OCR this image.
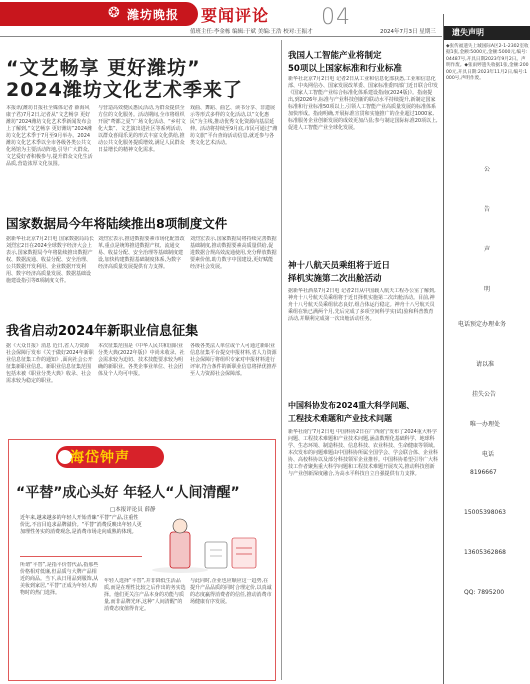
❂ 潍坊晚报 要闻评论 04
值班主任:李金栋 编辑:于斌 美编:王浩 校对:王振才	2024年7月3日 星期三
“文艺畅享 更好潍坊”
2024潍坊文化艺术季来了
本报讯(潍坊日报社全媒体记者 薛海风 康子君)7月2日,记者从“文艺畅享 更好潍坊”2024潍坊文化艺术季新闻发布会上了解到,“文艺畅享 更好潍坊”2024潍坊文化艺术季于7月至9月举办。2024潍坊文化艺术季以全市各级各类公共文化场馆为主要活动阵地,引导广大群众、文艺爱好者积极参与,提升群众文化生活品质,营造浓厚文化氛围。
与营造高效便民惠民活动,为群众提供全方位的文化服务。活动期间,全市将组织开展“鸢都之夏”广场文化活动、“乡村文化大集”、文艺演出进社区等系列活动,以群众喜闻乐见的形式丰富文化供给,推动公共文化服务提质增效,满足人民群众日益增长的精神文化需求。
戏曲、舞蹈、曲艺、读书分享、非遗展示等形式多样的文化活动,以“文化惠民”为主线,推动优秀文化资源向基层延伸。活动将持续至9月底,市民可通过“潍坊文旅”平台查询活动信息,就近参与各类文化艺术活动。
国家数据局今年将陆续推出8项制度文件
据新华社北京7月2日电 国家数据局局长刘烈宏2日在2024全球数字经济大会上表示,国家数据局今年将陆续推出数据产权、数据流通、收益分配、安全治理、公共数据开发利用、企业数据开发利用、数字经济高质量发展、数据基础设施建设指引等8项制度文件。
刘烈宏表示,推进数据要素市场化配置改革,重点是统筹推进数据产权、流通交易、收益分配、安全治理等基础制度建设,加快构建数据基础制度体系,为数字经济高质量发展提供有力支撑。
刘烈宏表示,国家数据局将持续完善数据基础制度,推动数据要素高质量供给,促进数据合规高效流通使用,充分释放数据要素价值,助力数字中国建设,更好赋能经济社会发展。
我省启动2024年新职业信息征集
据《大众日报》消息 近日,省人力资源社会保障厅发布《关于做好2024年新职业信息征集工作的通知》,面向社会公开征集新职业信息。新职业信息征集范围包括未被《职业分类大典》收录、社会需求较为稳定的职业。
本次征集范围是《中华人民共和国职业分类大典(2022年版)》中尚未收录、社会需求较为迫切、技术技能要求较为明确的新职业。各类企事业单位、社会团体及个人均可申报。
各级各类法人单位或个人可通过新职业信息征集平台提交申报材料,省人力资源社会保障厅将组织专家对申报材料进行评审,符合条件的新职业信息将择优推荐至人力资源社会保障部。
我国人工智能产业将制定
50项以上国家标准和行业标准
新华社北京7月2日电 记者2日从工业和信息化部获悉,工业和信息化部、中央网信办、国家发展改革委、国家标准委四部门近日联合印发《国家人工智能产业综合标准化体系建设指南(2024版)》。指南提出,到2026年,标准与产业科技创新的联动水平持续提升,新制定国家标准和行业标准50项以上,引领人工智能产业高质量发展的标准体系加快形成。指南明确,开展标准宣贯和实施推广的企业超过1000家,标准服务企业创新发展的成效更加凸显;参与制定国际标准20项以上,促进人工智能产业全球化发展。
神十八航天员乘组将于近日
择机实施第二次出舱活动
据新华社酒泉7月2日电 记者2日从中国载人航天工程办公室了解到,神舟十八号航天员乘组将于近日择机实施第二次出舱活动。目前,神舟十八号航天员乘组状态良好,组合体运行稳定。神舟十八号航天员乘组在轨已满两个月,先后完成了多项空间科学实(试)验和科普教育活动,并顺利完成第一次出舱活动任务。
中国科协发布2024重大科学问题、
工程技术难题和产业技术问题
新华社南宁7月2日电 中国科协2日在广西南宁发布了2024重大科学问题、工程技术难题和产业技术问题,涵盖数理化基础科学、地球科学、生态环境、制造科技、信息科技、农业科技、生命健康等领域。本次发布的问题难题由中国科协所属全国学会、学会联合体、企业科协、高校科协以及部分科技领军企业推荐。中国科协希望引导广大科技工作者聚焦重大科学问题和工程技术难题开展攻关,推动科技创新与产业创新深度融合,为高水平科技自立自强提供有力支撑。
遗失声明
◆张传福遗失上城国际A区2-1-2302室收据1张,金额:5000元,金额:5000元,编号:04487号,开具日期2023年9月2日。声明作废。◆张雨婷遗失收据1张,金额:20000元,开具日期:2023年11月2日,编号:1000号,声明作废。
公
告
声
明
电话预定办理业务
请以准
挂失公告
唯一办理处
电话
8196667
15005398063
13605362868
QQ: 7895200
海岱钟声
“平替”成心头好 年轻人“人间清醒”
□本报评论员 薛静
近年来,越来越多的年轻人开始青睐“平替”产品,注重性价比,不盲目追求品牌溢价。“平替”消费反映出年轻人更加理性务实的消费观念,是消费市场走向成熟的体现。
所谓“平替”,是指平价替代品,指那些价格相对低廉,但品质与大牌产品相近的商品。当下,从日用品到服饰,从美妆到家居,“平替”正成为年轻人购物时的热门选择。
年轻人选择“平替”,并非降低生活品质,而是在理性比较之后作出的务实选择。他们更关注产品本身的功能与质量,而非品牌光环,这种“人间清醒”的消费态度值得肯定。
与此同时,企业也应顺应这一趋势,在提升产品品质的同时合理定价,以真诚的态度赢得消费者的信任,推动消费市场健康有序发展。
